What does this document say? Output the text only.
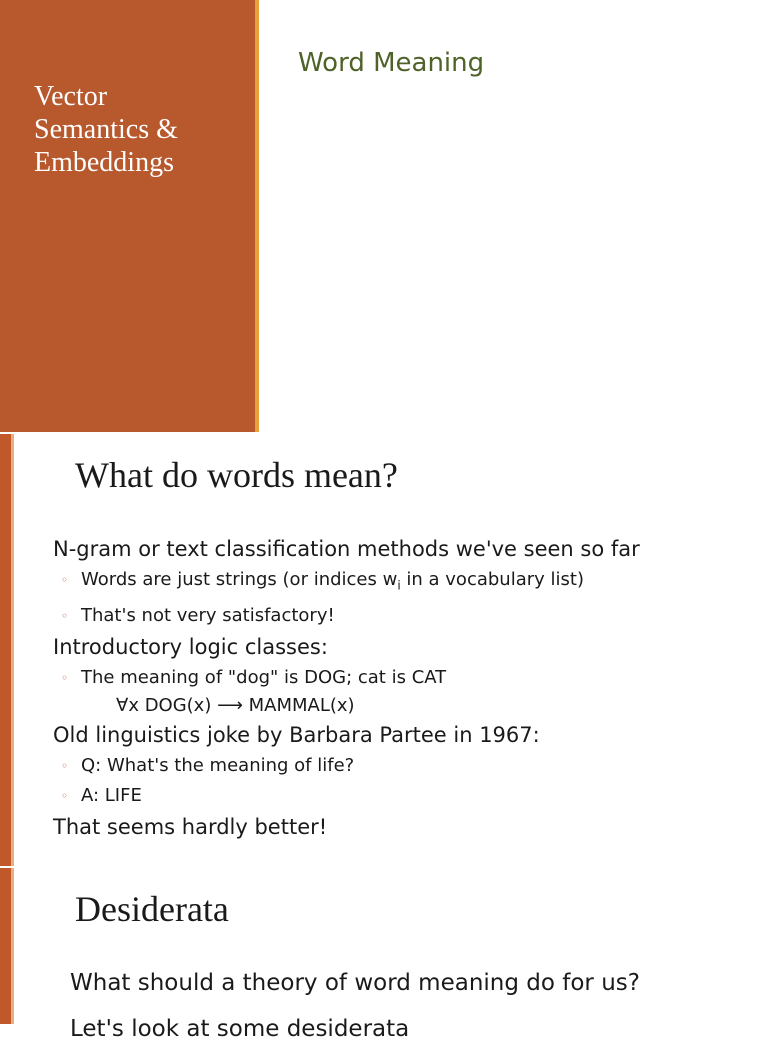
Vector
Semantics &
Embeddings
Word Meaning
What do words mean?
N-gram or text classification methods we've seen so far
◦ Words are just strings (or indices $w_i$ in a vocabulary list)
◦ That's not very satisfactory!
Introductory logic classes:
◦ The meaning of "dog" is DOG; cat is CAT
∀x DOG(x) ⟶ MAMMAL(x)
Old linguistics joke by Barbara Partee in 1967:
◦ Q: What's the meaning of life?
◦ A: LIFE
That seems hardly better!
Desiderata
What should a theory of word meaning do for us?
Let's look at some desiderata
